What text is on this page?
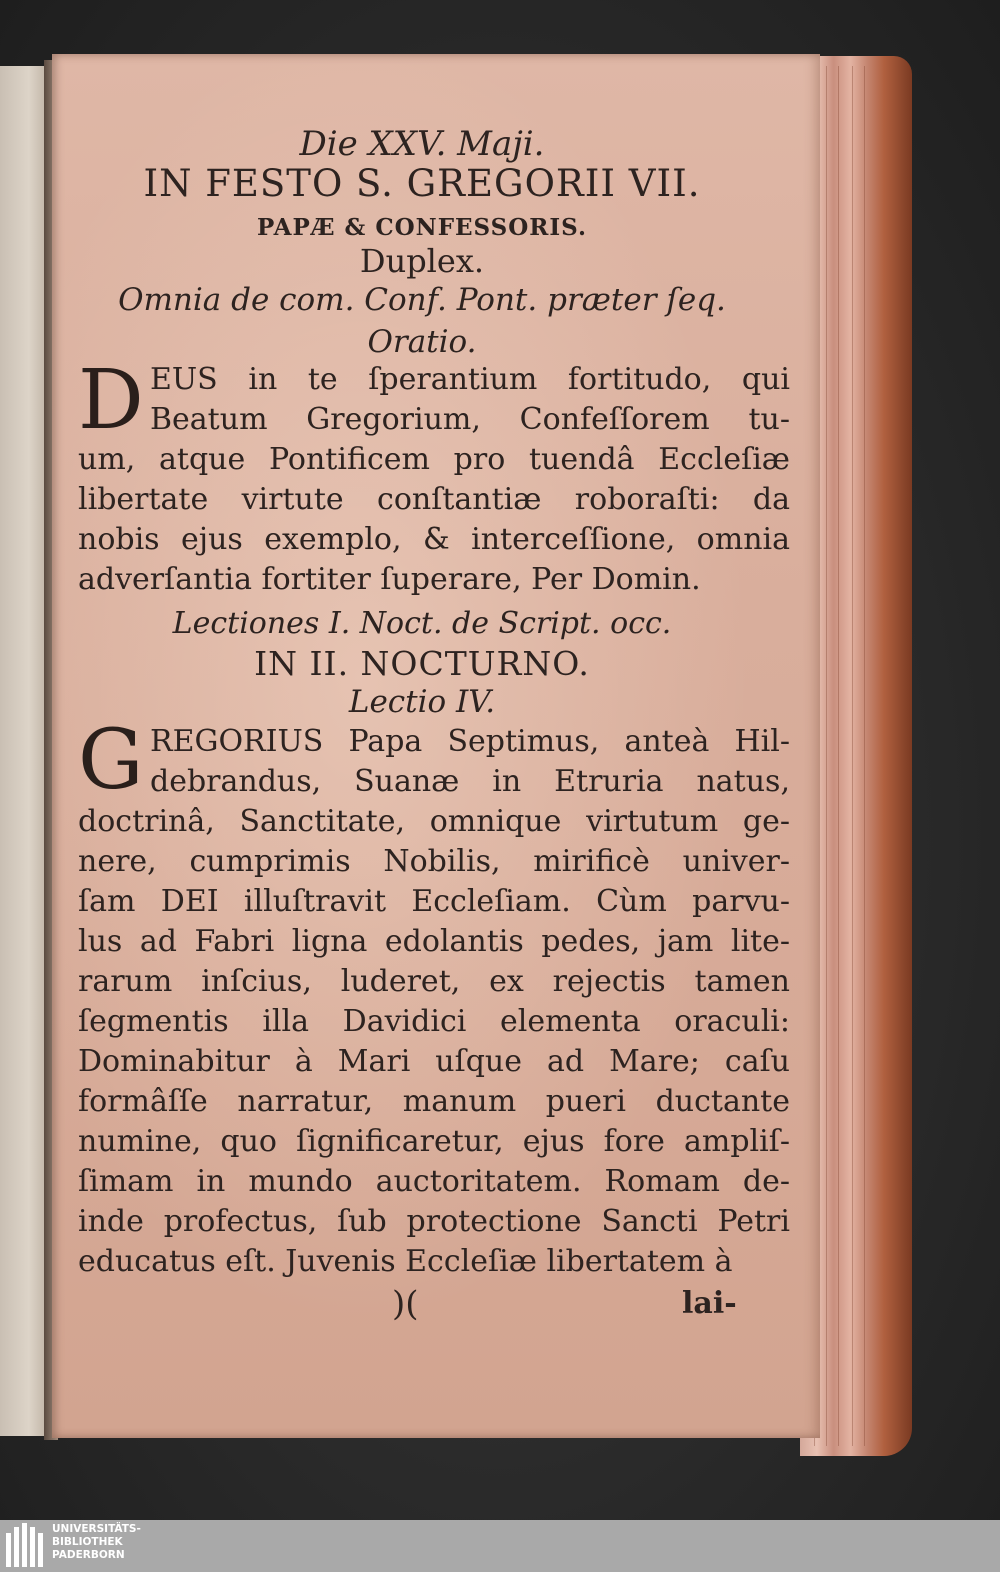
Die XXV. Maji.
IN FESTO S. GREGORII VII.
PAPÆ & CONFESSORIS.
Duplex.
Omnia de com. Conf. Pont. præter ſeq.
Oratio.
D EUS in te ſperantium fortitudo, qui
Beatum Gregorium, Confeſſorem tu-
um, atque Pontificem pro tuendâ Eccleſiæ
libertate virtute conſtantiæ roboraſti: da
nobis ejus exemplo, & interceſſione, omnia
adverſantia fortiter ſuperare, Per Domin.
Lectiones I. Noct. de Script. occ.
IN II. NOCTURNO.
Lectio IV.
G REGORIUS Papa Septimus, anteà Hil-
debrandus, Suanæ in Etruria natus,
doctrinâ, Sanctitate, omnique virtutum ge-
nere, cumprimis Nobilis, mirificè univer-
ſam DEI illuſtravit Eccleſiam. Cùm parvu-
lus ad Fabri ligna edolantis pedes, jam lite-
rarum inſcius, luderet, ex rejectis tamen
ſegmentis illa Davidici elementa oraculi:
Dominabitur à Mari uſque ad Mare; caſu
formâſſe narratur, manum pueri ductante
numine, quo ſignificaretur, ejus fore ampliſ-
ſimam in mundo auctoritatem. Romam de-
inde profectus, ſub protectione Sancti Petri
educatus eſt. Juvenis Eccleſiæ libertatem à
)(	lai-
UNIVERSITÄTS-
BIBLIOTHEK
PADERBORN
